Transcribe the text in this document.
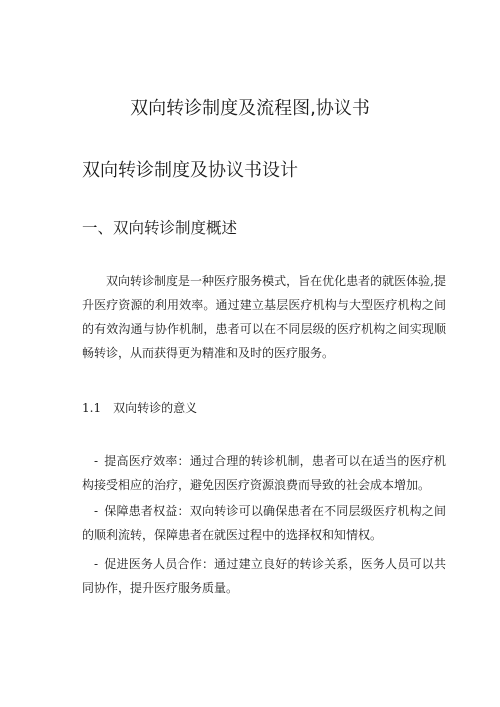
双向转诊制度及流程图,协议书
双向转诊制度及协议书设计
一、双向转诊制度概述

双向转诊制度是一种医疗服务模式，旨在优化患者的就医体验,提升医疗资源的利用效率。通过建立基层医疗机构与大型医疗机构之间的有效沟通与协作机制，患者可以在不同层级的医疗机构之间实现顺畅转诊，从而获得更为精准和及时的医疗服务。

1.1 双向转诊的意义

- 提高医疗效率：通过合理的转诊机制，患者可以在适当的医疗机构接受相应的治疗，避免因医疗资源浪费而导致的社会成本增加。

- 保障患者权益：双向转诊可以确保患者在不同层级医疗机构之间的顺利流转，保障患者在就医过程中的选择权和知情权。

- 促进医务人员合作：通过建立良好的转诊关系，医务人员可以共同协作，提升医疗服务质量。
